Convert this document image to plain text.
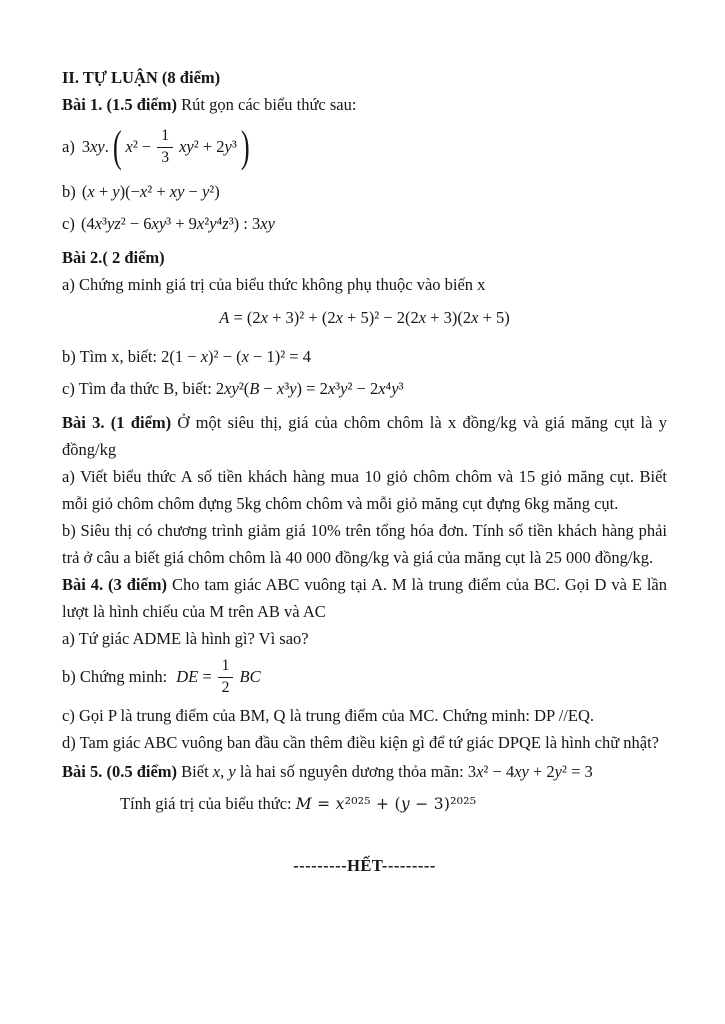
II. TỰ LUẬN (8 điểm)

Bài 1. (1.5 điểm) Rút gọn các biểu thức sau:

a) 3xy. ( $x^2 - \frac{1}{3} xy^2 + 2y^3$ )

b) (x + y)(−x² + xy − y²)

c) (4x³yz² − 6xy³ + 9x²y⁴z³) : 3xy

Bài 2.( 2 điểm)

a) Chứng minh giá trị của biểu thức không phụ thuộc vào biến x

A = (2x + 3)² + (2x + 5)² − 2(2x + 3)(2x + 5)

b) Tìm x, biết: 2(1 − x)² − (x − 1)² = 4

c) Tìm đa thức B, biết: 2xy²(B − x³y) = 2x³y² − 2x⁴y³

Bài 3. (1 điểm) Ở một siêu thị, giá của chôm chôm là x đồng/kg và giá măng cụt là y đồng/kg

a) Viết biểu thức A số tiền khách hàng mua 10 giỏ chôm chôm và 15 giỏ măng cụt. Biết mỗi giỏ chôm chôm đựng 5kg chôm chôm và mỗi giỏ măng cụt đựng 6kg măng cụt.

b) Siêu thị có chương trình giảm giá 10% trên tổng hóa đơn. Tính số tiền khách hàng phải trả ở câu a biết giá chôm chôm là 40 000 đồng/kg và giá của măng cụt là 25 000 đồng/kg.

Bài 4. (3 điểm) Cho tam giác ABC vuông tại A. M là trung điểm của BC. Gọi D và E lần lượt là hình chiếu của M trên AB và AC

a) Tứ giác ADME là hình gì? Vì sao?

b) Chứng minh: DE = $\frac{1}{2}$ BC

c) Gọi P là trung điểm của BM, Q là trung điểm của MC. Chứng minh: DP //EQ.

d) Tam giác ABC vuông ban đầu cần thêm điều kiện gì để tứ giác DPQE là hình chữ nhật?

Bài 5. (0.5 điểm) Biết x, y là hai số nguyên dương thỏa mãn: 3x² − 4xy + 2y² = 3

Tính giá trị của biểu thức: M = x²⁰²⁵ + (y − 3)²⁰²⁵

---------HẾT---------
